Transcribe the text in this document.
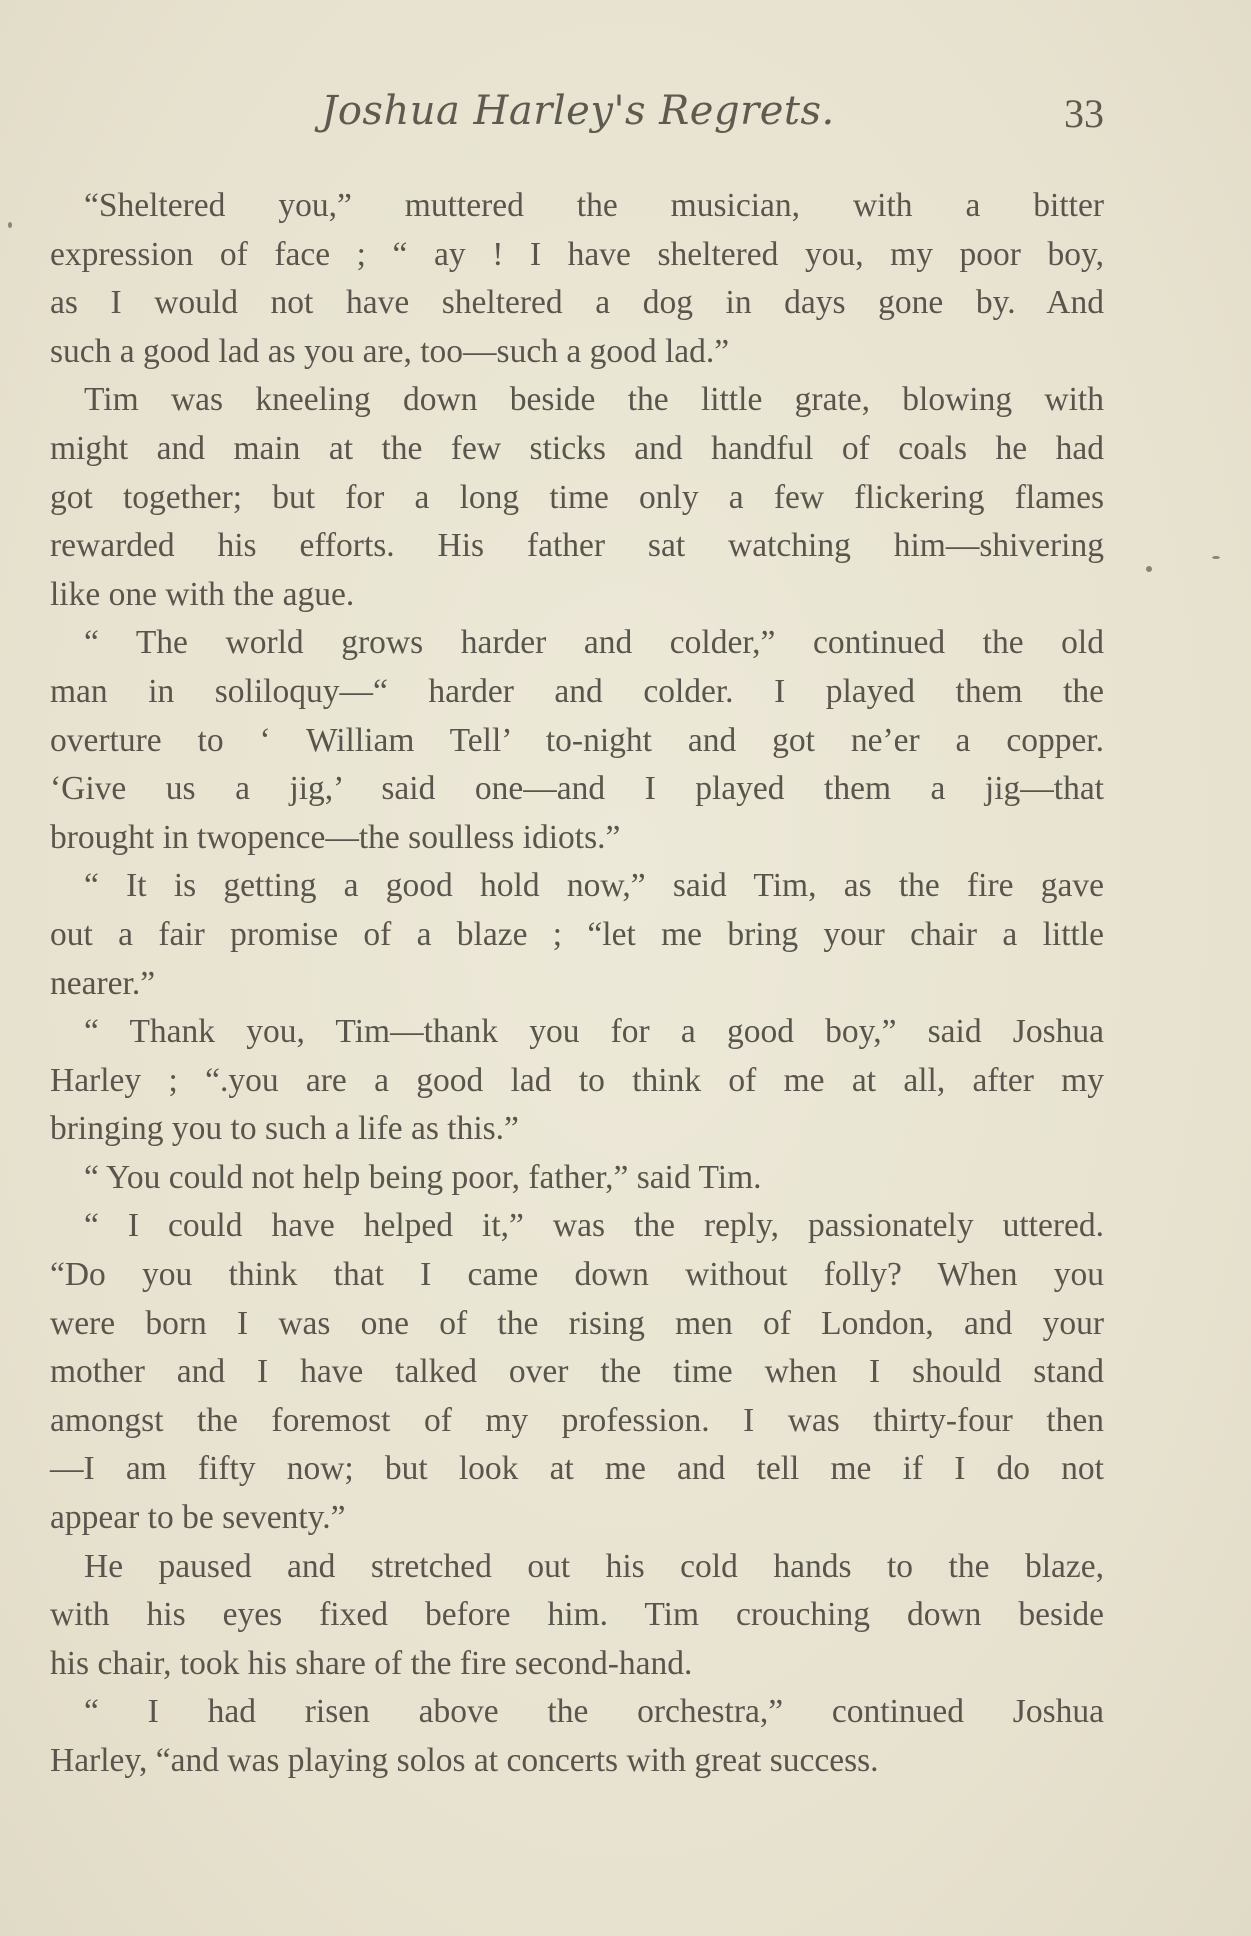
Joshua Harley's Regrets.	33
“Sheltered you,” muttered the musician, with a bitter
expression of face ; “ ay ! I have sheltered you, my poor boy,
as I would not have sheltered a dog in days gone by. And
such a good lad as you are, too—such a good lad.”
Tim was kneeling down beside the little grate, blowing with
might and main at the few sticks and handful of coals he had
got together; but for a long time only a few flickering flames
rewarded his efforts. His father sat watching him—shivering
like one with the ague.
“ The world grows harder and colder,” continued the old
man in soliloquy—“ harder and colder. I played them the
overture to ‘ William Tell’ to-night and got ne’er a copper.
‘Give us a jig,’ said one—and I played them a jig—that
brought in twopence—the soulless idiots.”
“ It is getting a good hold now,” said Tim, as the fire gave
out a fair promise of a blaze ; “let me bring your chair a little
nearer.”
“ Thank you, Tim—thank you for a good boy,” said Joshua
Harley ; “.you are a good lad to think of me at all, after my
bringing you to such a life as this.”
“ You could not help being poor, father,” said Tim.
“ I could have helped it,” was the reply, passionately uttered.
“Do you think that I came down without folly? When you
were born I was one of the rising men of London, and your
mother and I have talked over the time when I should stand
amongst the foremost of my profession. I was thirty-four then
—I am fifty now; but look at me and tell me if I do not
appear to be seventy.”
He paused and stretched out his cold hands to the blaze,
with his eyes fixed before him. Tim crouching down beside
his chair, took his share of the fire second-hand.
“ I had risen above the orchestra,” continued Joshua
Harley, “and was playing solos at concerts with great success.
